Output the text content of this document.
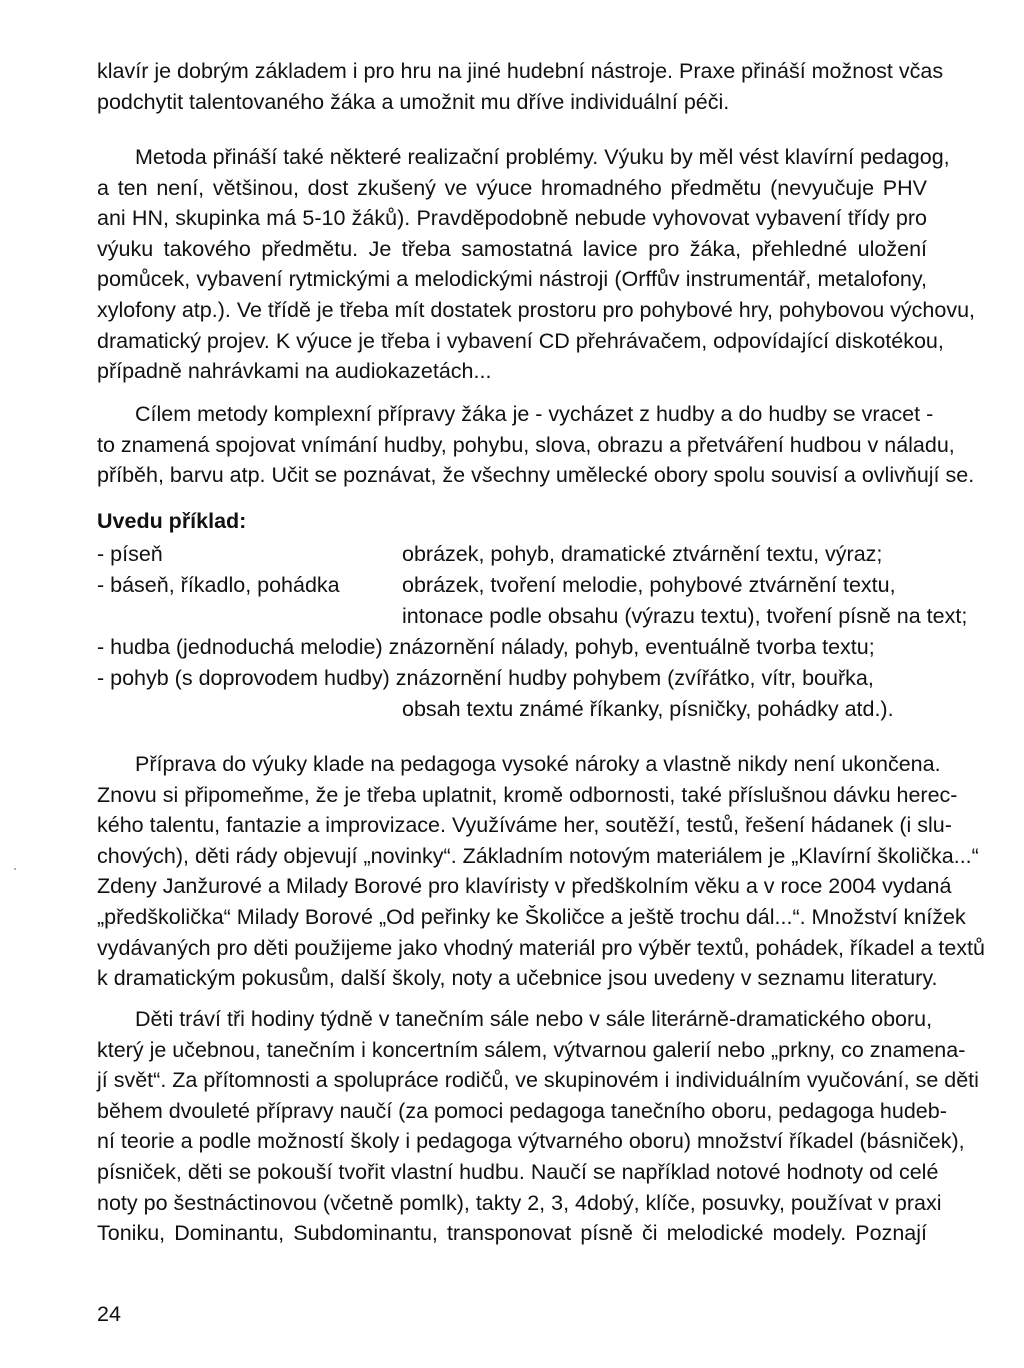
klavír je dobrým základem i pro hru na jiné hudební nástroje. Praxe přináší možnost včas
podchytit talentovaného žáka a umožnit mu dříve individuální péči.

Metoda přináší také některé realizační problémy. Výuku by měl vést klavírní pedagog,
a ten není, většinou, dost zkušený ve výuce hromadného předmětu (nevyučuje PHV
ani HN, skupinka má 5-10 žáků). Pravděpodobně nebude vyhovovat vybavení třídy pro
výuku takového předmětu. Je třeba samostatná lavice pro žáka, přehledné uložení
pomůcek, vybavení rytmickými a melodickými nástroji (Orffův instrumentář, metalofony,
xylofony atp.). Ve třídě je třeba mít dostatek prostoru pro pohybové hry, pohybovou výchovu,
dramatický projev. K výuce je třeba i vybavení CD přehrávačem, odpovídající diskotékou,
případně nahrávkami na audiokazetách...

Cílem metody komplexní přípravy žáka je - vycházet z hudby a do hudby se vracet -
to znamená spojovat vnímání hudby, pohybu, slova, obrazu a přetváření hudbou v náladu,
příběh, barvu atp. Učit se poznávat, že všechny umělecké obory spolu souvisí a ovlivňují se.

Uvedu příklad:
- píseň	obrázek, pohyb, dramatické ztvárnění textu, výraz;
- báseň, říkadlo, pohádka	obrázek, tvoření melodie, pohybové ztvárnění textu,
intonace podle obsahu (výrazu textu), tvoření písně na text;
- hudba (jednoduchá melodie) znázornění nálady, pohyb, eventuálně tvorba textu;
- pohyb (s doprovodem hudby) znázornění hudby pohybem (zvířátko, vítr, bouřka,
obsah textu známé říkanky, písničky, pohádky atd.).

Příprava do výuky klade na pedagoga vysoké nároky a vlastně nikdy není ukončena.
Znovu si připomeňme, že je třeba uplatnit, kromě odbornosti, také příslušnou dávku herec-
kého talentu, fantazie a improvizace. Využíváme her, soutěží, testů, řešení hádanek (i slu-
chových), děti rády objevují „novinky“. Základním notovým materiálem je „Klavírní školička...“
Zdeny Janžurové a Milady Borové pro klavíristy v předškolním věku a v roce 2004 vydaná
„předškolička“ Milady Borové „Od peřinky ke Školičce a ještě trochu dál...“. Množství knížek
vydávaných pro děti použijeme jako vhodný materiál pro výběr textů, pohádek, říkadel a textů
k dramatickým pokusům, další školy, noty a učebnice jsou uvedeny v seznamu literatury.

Děti tráví tři hodiny týdně v tanečním sále nebo v sále literárně-dramatického oboru,
který je učebnou, tanečním i koncertním sálem, výtvarnou galerií nebo „prkny, co znamena-
jí svět“. Za přítomnosti a spolupráce rodičů, ve skupinovém i individuálním vyučování, se děti
během dvouleté přípravy naučí (za pomoci pedagoga tanečního oboru, pedagoga hudeb-
ní teorie a podle možností školy i pedagoga výtvarného oboru) množství říkadel (básniček),
písniček, děti se pokouší tvořit vlastní hudbu. Naučí se například notové hodnoty od celé
noty po šestnáctinovou (včetně pomlk), takty 2, 3, 4dobý, klíče, posuvky, používat v praxi
Toniku, Dominantu, Subdominantu, transponovat písně či melodické modely. Poznají

24
